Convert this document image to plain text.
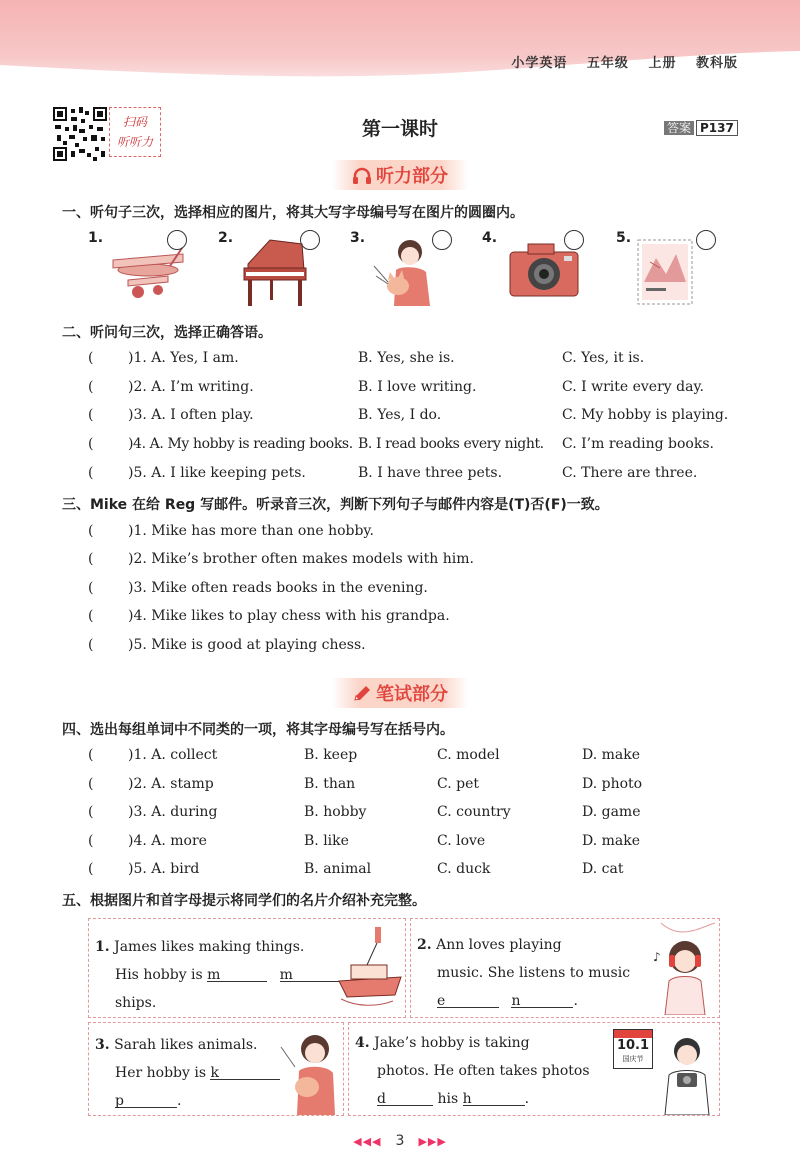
小学英语 五年级 上册 教科版
扫码
听听力
第一课时	答案 P137
听力部分
一、听句子三次，选择相应的图片，将其大写字母编号写在图片的圆圈内。
1.	2.	3.	4.	5.
二、听问句三次，选择正确答语。
( )1. A. Yes, I am.	B. Yes, she is.	C. Yes, it is.
( )2. A. I’m writing.	B. I love writing.	C. I write every day.
( )3. A. I often play.	B. Yes, I do.	C. My hobby is playing.
( )4. A. My hobby is reading books. B. I read books every night. C. I’m reading books.
( )5. A. I like keeping pets.	B. I have three pets.	C. There are three.
三、Mike 在给 Reg 写邮件。听录音三次，判断下列句子与邮件内容是(T)否(F)一致。
( )1. Mike has more than one hobby.
( )2. Mike’s brother often makes models with him.
( )3. Mike often reads books in the evening.
( )4. Mike likes to play chess with his grandpa.
( )5. Mike is good at playing chess.
笔试部分
四、选出每组单词中不同类的一项，将其字母编号写在括号内。
( )1. A. collect	B. keep	C. model	D. make
( )2. A. stamp	B. than	C. pet	D. photo
( )3. A. during	B. hobby	C. country	D. game
( )4. A. more	B. like	C. love	D. make
( )5. A. bird	B. animal	C. duck	D. cat
五、根据图片和首字母提示将同学们的名片介绍补充完整。
1. James likes making things.
His hobby is m	m
ships.
2. Ann loves playing
music. She listens to music
e	n	.
♪
3. Sarah likes animals.
Her hobby is k
p	.
4. Jake’s hobby is taking
photos. He often takes photos
d	his h	.
10.1
国庆节
◀◀◀ 3 ▶▶▶
